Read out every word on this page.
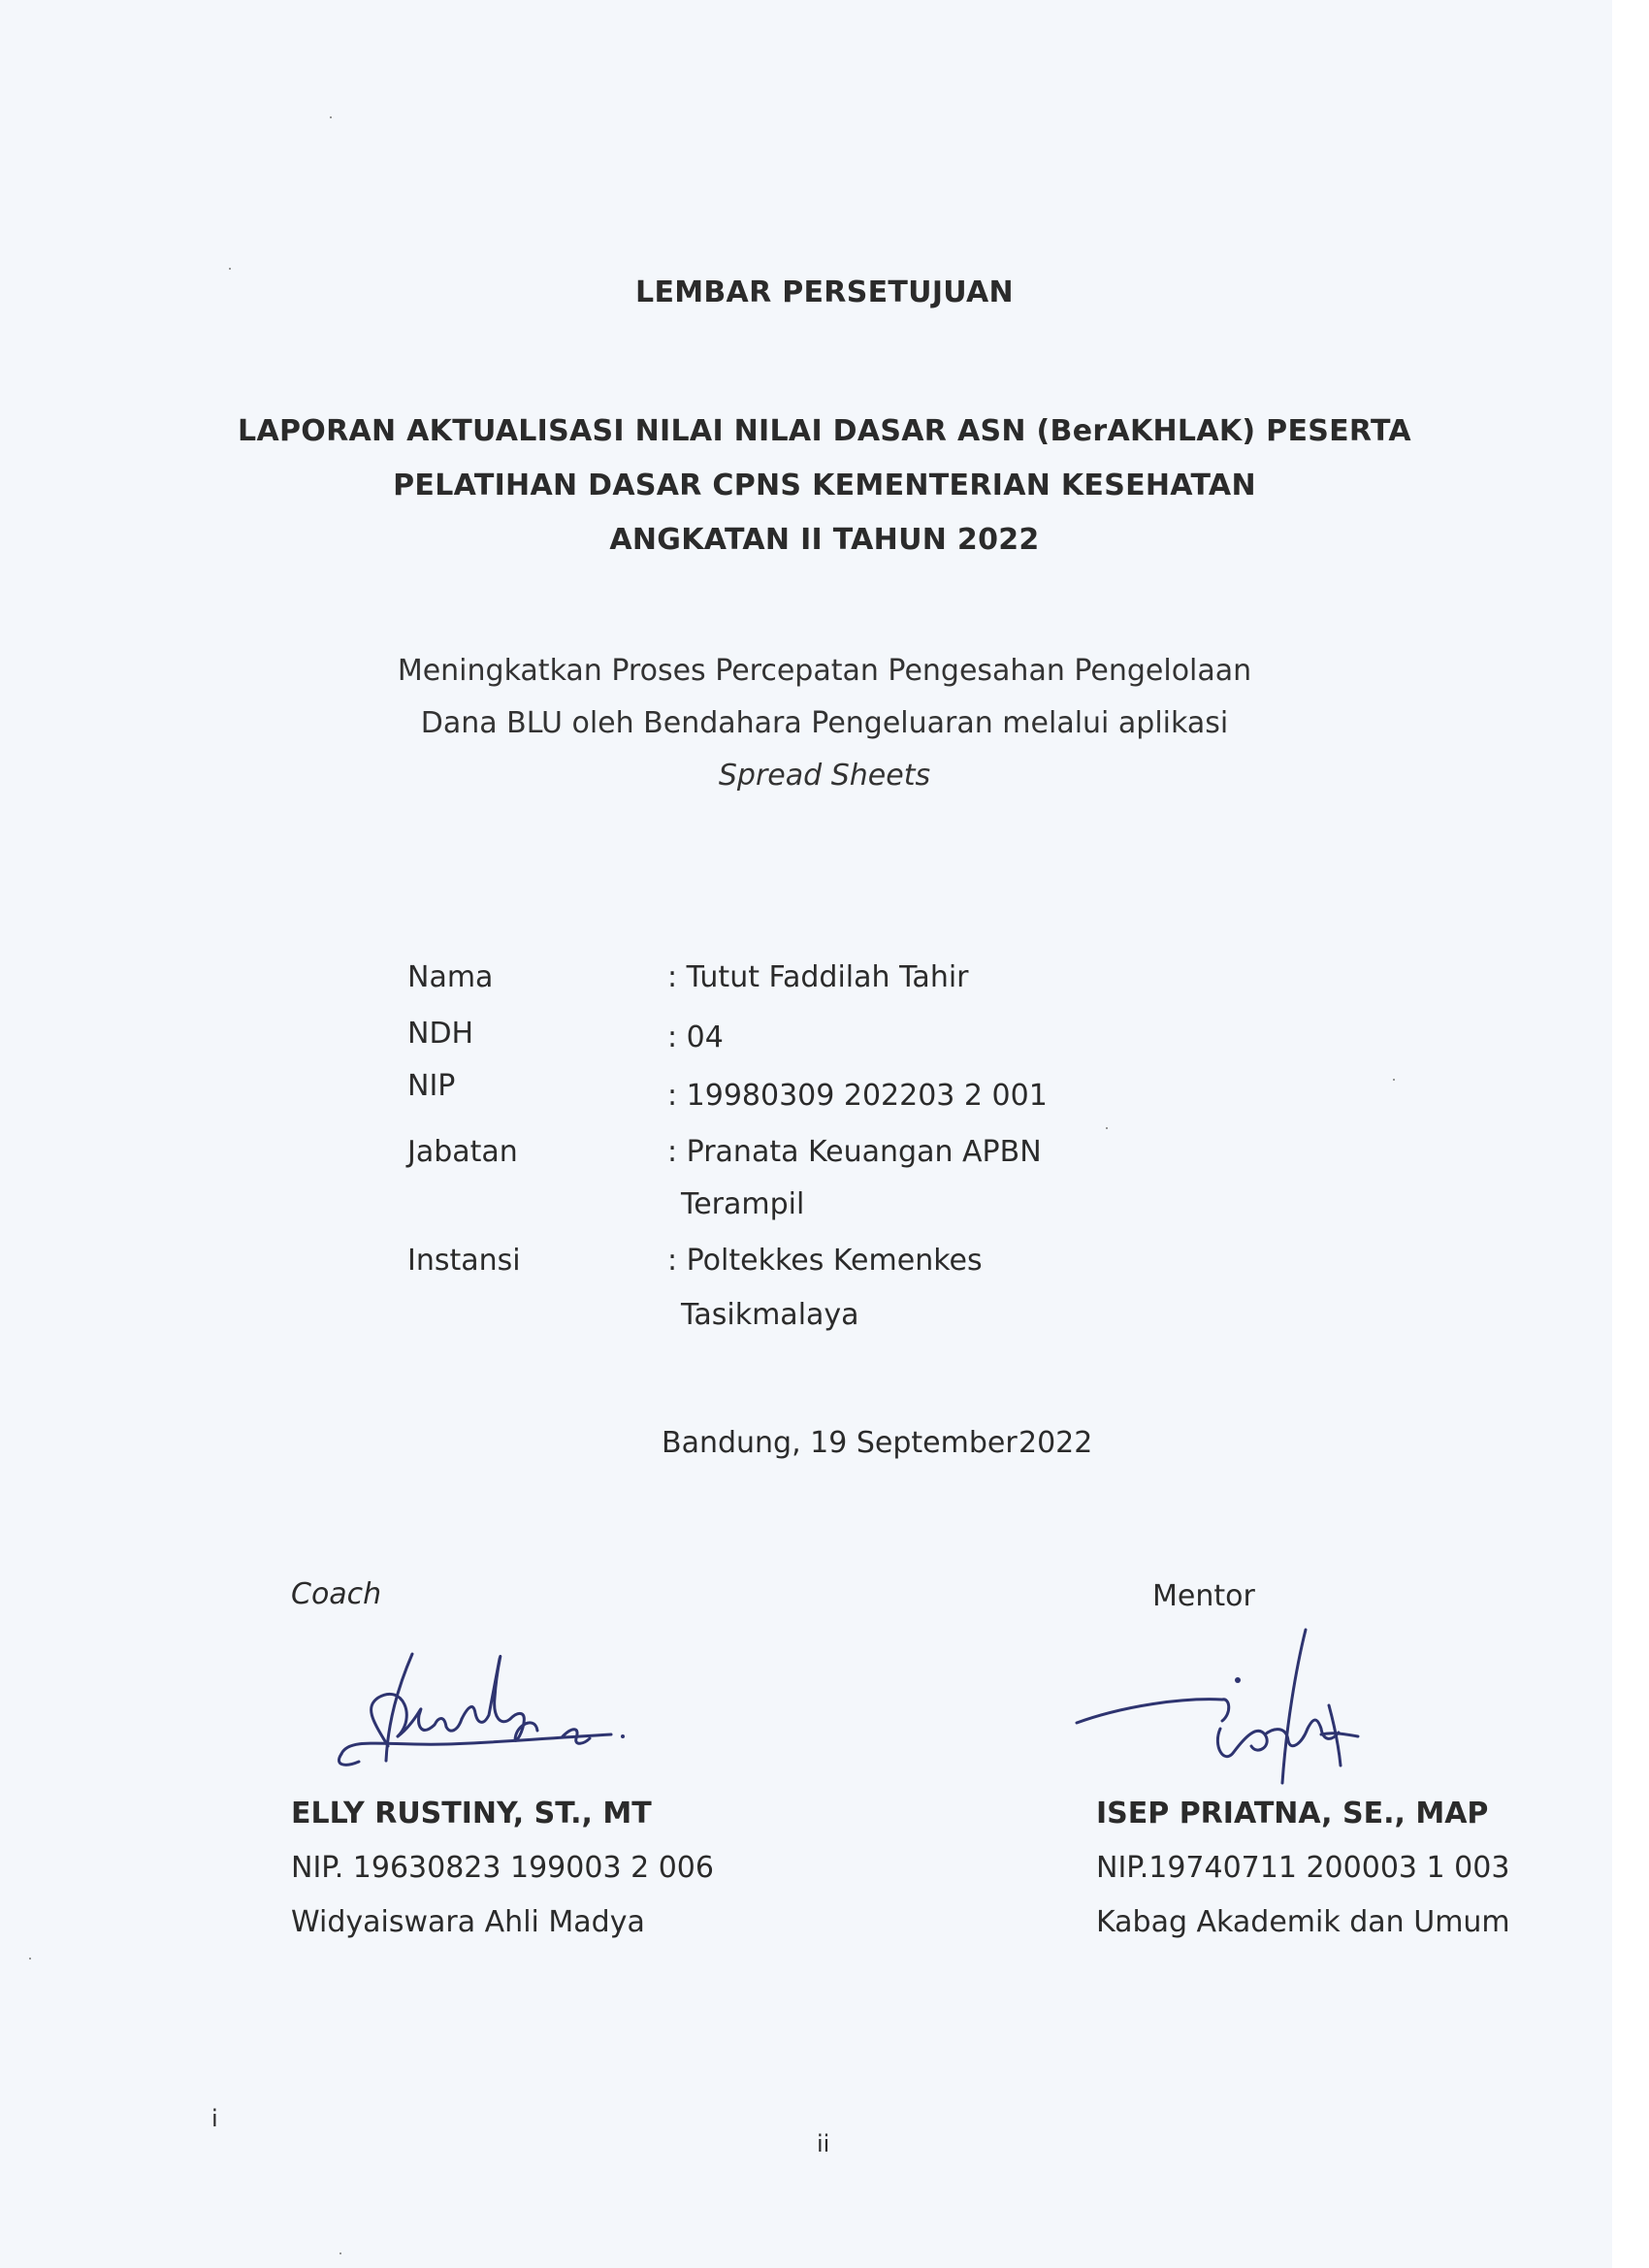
LEMBAR PERSETUJUAN
LAPORAN AKTUALISASI NILAI NILAI DASAR ASN (BerAKHLAK) PESERTA
PELATIHAN DASAR CPNS KEMENTERIAN KESEHATAN
ANGKATAN II TAHUN 2022
Meningkatkan Proses Percepatan Pengesahan Pengelolaan
Dana BLU oleh Bendahara Pengeluaran melalui aplikasi
Spread Sheets
Nama	: Tutut Faddilah Tahir
NDH	: 04
NIP	: 19980309 202203 2 001
Jabatan	: Pranata Keuangan APBN
Terampil
Instansi	: Poltekkes Kemenkes
Tasikmalaya
Bandung, 19 September 2022
Coach
ELLY RUSTINY, ST., MT
NIP. 19630823 199003 2 006
Widyaiswara Ahli Madya
Mentor
ISEP PRIATNA, SE., MAP
NIP.19740711 200003 1 003
Kabag Akademik dan Umum
i
ii
